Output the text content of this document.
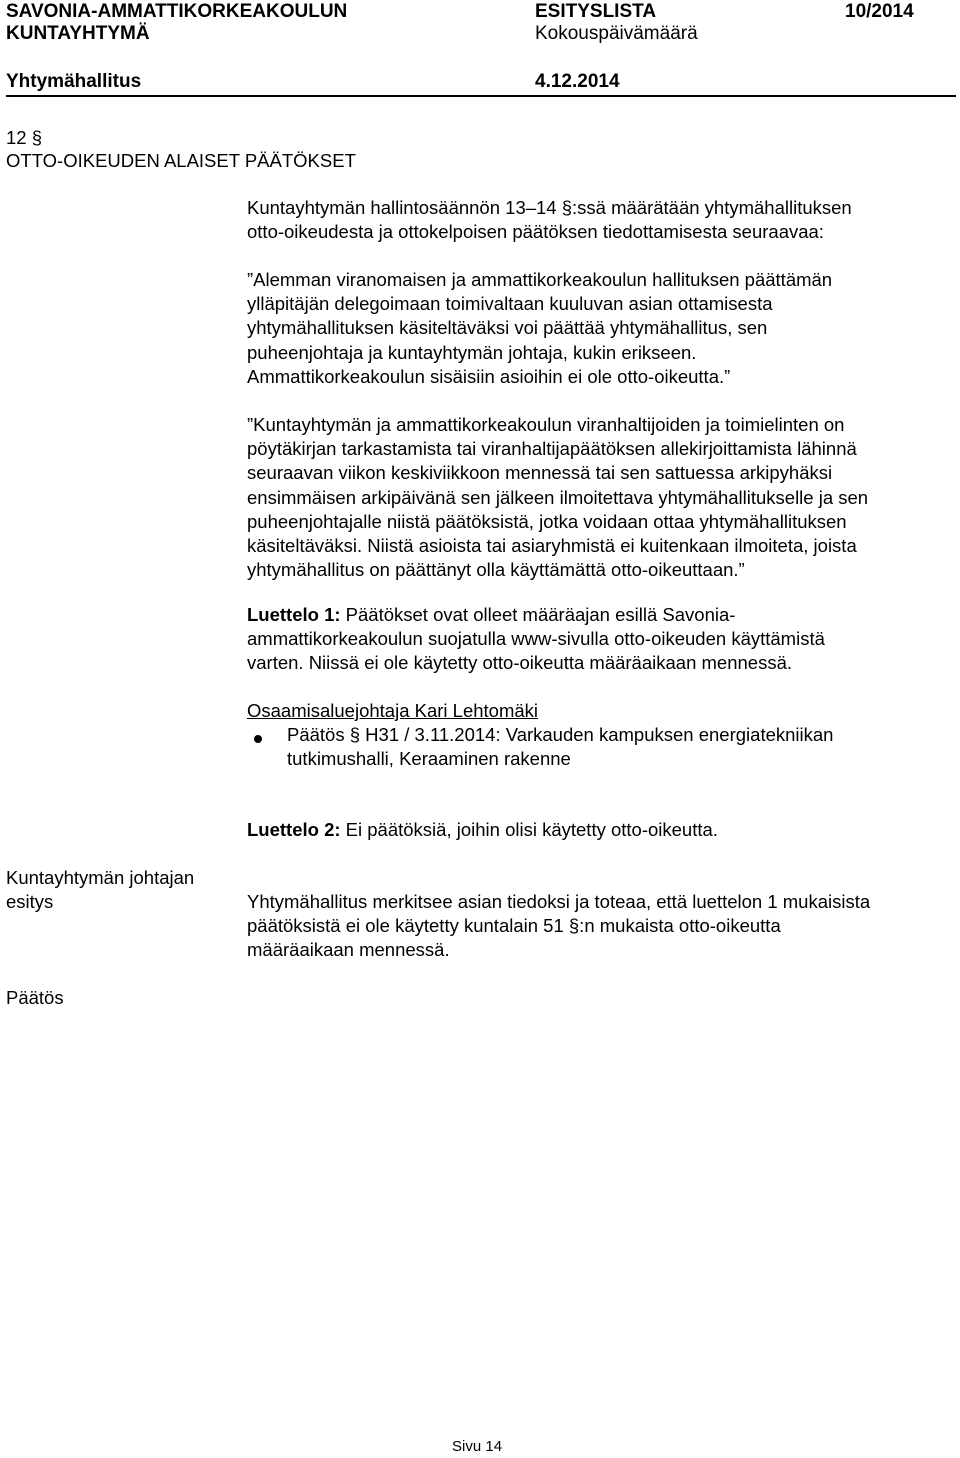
SAVONIA-AMMATTIKORKEAKOULUN
KUNTAYHTYMÄ
ESITYSLISTA
Kokouspäivämäärä
10/2014
Yhtymähallitus	4.12.2014
12 §
OTTO-OIKEUDEN ALAISET PÄÄTÖKSET
Kuntayhtymän hallintosäännön 13–14 §:ssä määrätään yhtymähallituksen
otto-oikeudesta ja ottokelpoisen päätöksen tiedottamisesta seuraavaa:
”Alemman viranomaisen ja ammattikorkeakoulun hallituksen päättämän
ylläpitäjän delegoimaan toimivaltaan kuuluvan asian ottamisesta
yhtymähallituksen käsiteltäväksi voi päättää yhtymähallitus, sen
puheenjohtaja ja kuntayhtymän johtaja, kukin erikseen.
Ammattikorkeakoulun sisäisiin asioihin ei ole otto-oikeutta.”
”Kuntayhtymän ja ammattikorkeakoulun viranhaltijoiden ja toimielinten on
pöytäkirjan tarkastamista tai viranhaltijapäätöksen allekirjoittamista lähinnä
seuraavan viikon keskiviikkoon mennessä tai sen sattuessa arkipyhäksi
ensimmäisen arkipäivänä sen jälkeen ilmoitettava yhtymähallitukselle ja sen
puheenjohtajalle niistä päätöksistä, jotka voidaan ottaa yhtymähallituksen
käsiteltäväksi. Niistä asioista tai asiaryhmistä ei kuitenkaan ilmoiteta, joista
yhtymähallitus on päättänyt olla käyttämättä otto-oikeuttaan.”
Luettelo 1: Päätökset ovat olleet määräajan esillä Savonia-
ammattikorkeakoulun suojatulla www-sivulla otto-oikeuden käyttämistä
varten. Niissä ei ole käytetty otto-oikeutta määräaikaan mennessä.
Osaamisaluejohtaja Kari Lehtomäki
Päätös § H31 / 3.11.2014: Varkauden kampuksen energiatekniikan
tutkimushalli, Keraaminen rakenne
Luettelo 2: Ei päätöksiä, joihin olisi käytetty otto-oikeutta.
Kuntayhtymän johtajan
esitys	Yhtymähallitus merkitsee asian tiedoksi ja toteaa, että luettelon 1 mukaisista
päätöksistä ei ole käytetty kuntalain 51 §:n mukaista otto-oikeutta
määräaikaan mennessä.
Päätös
Sivu 14
